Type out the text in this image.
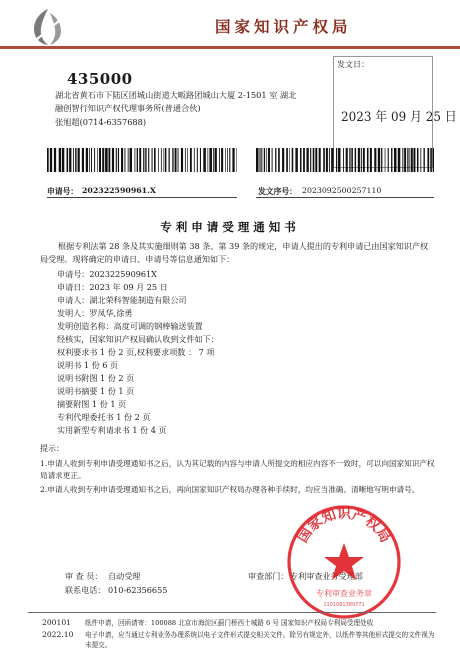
国家知识产权局
435000
湖北省黄石市下陆区团城山街道大畈路团城山大厦 2-1501 室 湖北
融创智行知识产权代理事务所(普通合伙)
张旭超(0714-6357688)
发文日：
2023 年 09 月 25 日
申请号： 202322590961.X	发文序号： 2023092500257110
专利申请受理通知书
根据专利法第 28 条及其实施细则第 38 条、第 39 条的规定，申请人提出的专利申请已由国家知识产权局受理。现将确定的申请日、申请号等信息通知如下：
申请号：202322590961X
申请日：2023 年 09 月 25 日
申请人：湖北荣科智能制造有限公司
发明人：罗凤华,徐勇
发明创造名称：高度可调的钢棒输送装置
经核实，国家知识产权局确认收到文件如下：
权利要求书 1 份 2 页,权利要求项数 ： 7 项
说明书 1 份 6 页
说明书附图 1 份 2 页
说明书摘要 1 份 1 页
摘要附图 1 份 1 页
专利代理委托书 1 份 2 页
实用新型专利请求书 1 份 4 页
提示：
1.申请人收到专利申请受理通知书之后，认为其记载的内容与申请人所提交的相应内容不一致时，可以向国家知识产权局请求更正。
2.申请人收到专利申请受理通知书之后，再向国家知识产权局办理各种手续时，均应当准确、清晰地写明申请号。
审 查 员： 自动受理	审查部门： 专利审查业务受理部
联系电话： 010-62356655
国家知识产权局
专利审查业务章
1101081389771
200101
2022.10
纸件申请，回函请寄：100088 北京市海淀区蓟门桥西土城路 6 号 国家知识产权局专利局受理处收
电子申请，应当通过专利业务办理系统以电子文件形式提交相关文件。除另有规定外，以纸件等其他形式提交的文件视为未提交。
